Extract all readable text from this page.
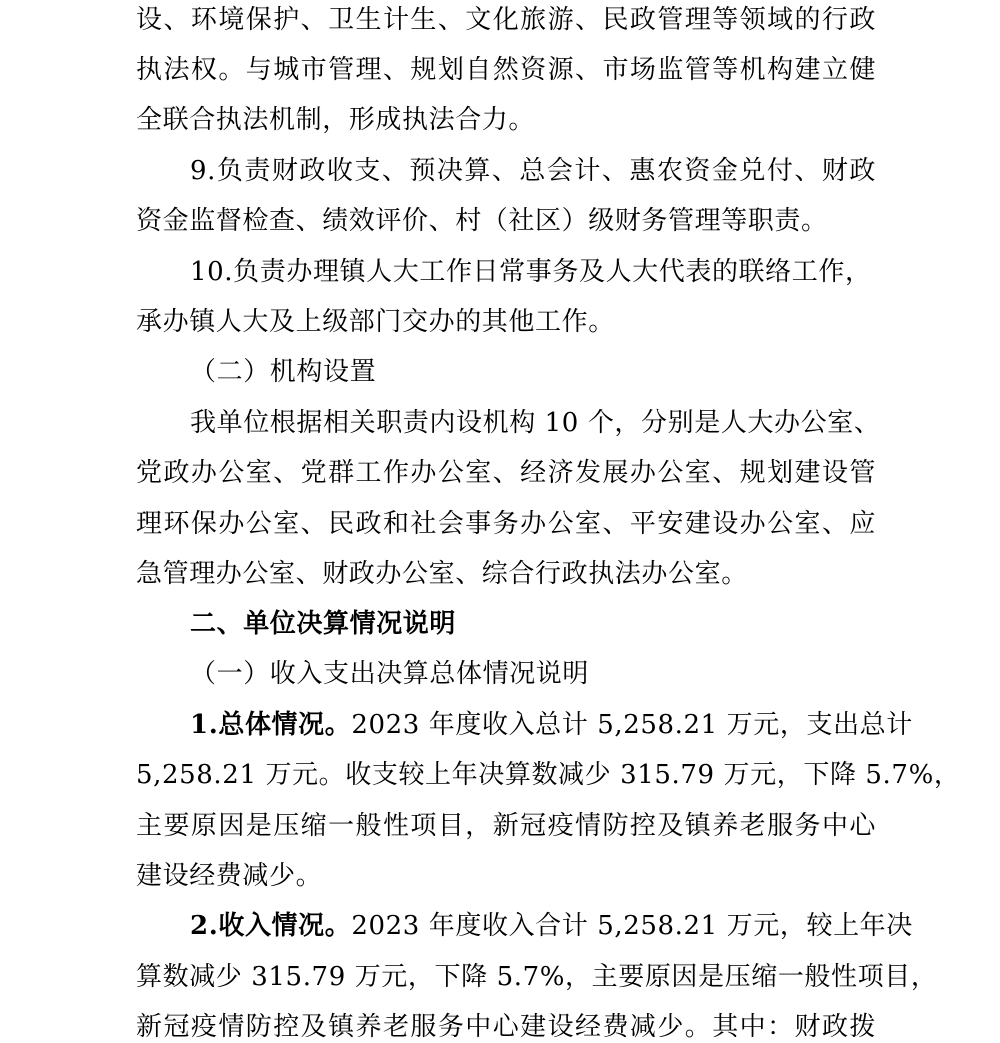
设、环境保护、卫生计生、文化旅游、民政管理等领域的行政

执法权。与城市管理、规划自然资源、市场监管等机构建立健

全联合执法机制，形成执法合力。

9.负责财政收支、预决算、总会计、惠农资金兑付、财政

资金监督检查、绩效评价、村（社区）级财务管理等职责。

10.负责办理镇人大工作日常事务及人大代表的联络工作，

承办镇人大及上级部门交办的其他工作。

（二）机构设置

我单位根据相关职责内设机构 10 个，分别是人大办公室、

党政办公室、党群工作办公室、经济发展办公室、规划建设管

理环保办公室、民政和社会事务办公室、平安建设办公室、应

急管理办公室、财政办公室、综合行政执法办公室。

二、单位决算情况说明

（一）收入支出决算总体情况说明

1.总体情况。2023 年度收入总计 5,258.21 万元，支出总计

5,258.21 万元。收支较上年决算数减少 315.79 万元，下降 5.7%，

主要原因是压缩一般性项目，新冠疫情防控及镇养老服务中心

建设经费减少。

2.收入情况。2023 年度收入合计 5,258.21 万元，较上年决

算数减少 315.79 万元，下降 5.7%，主要原因是压缩一般性项目，

新冠疫情防控及镇养老服务中心建设经费减少。其中：财政拨
